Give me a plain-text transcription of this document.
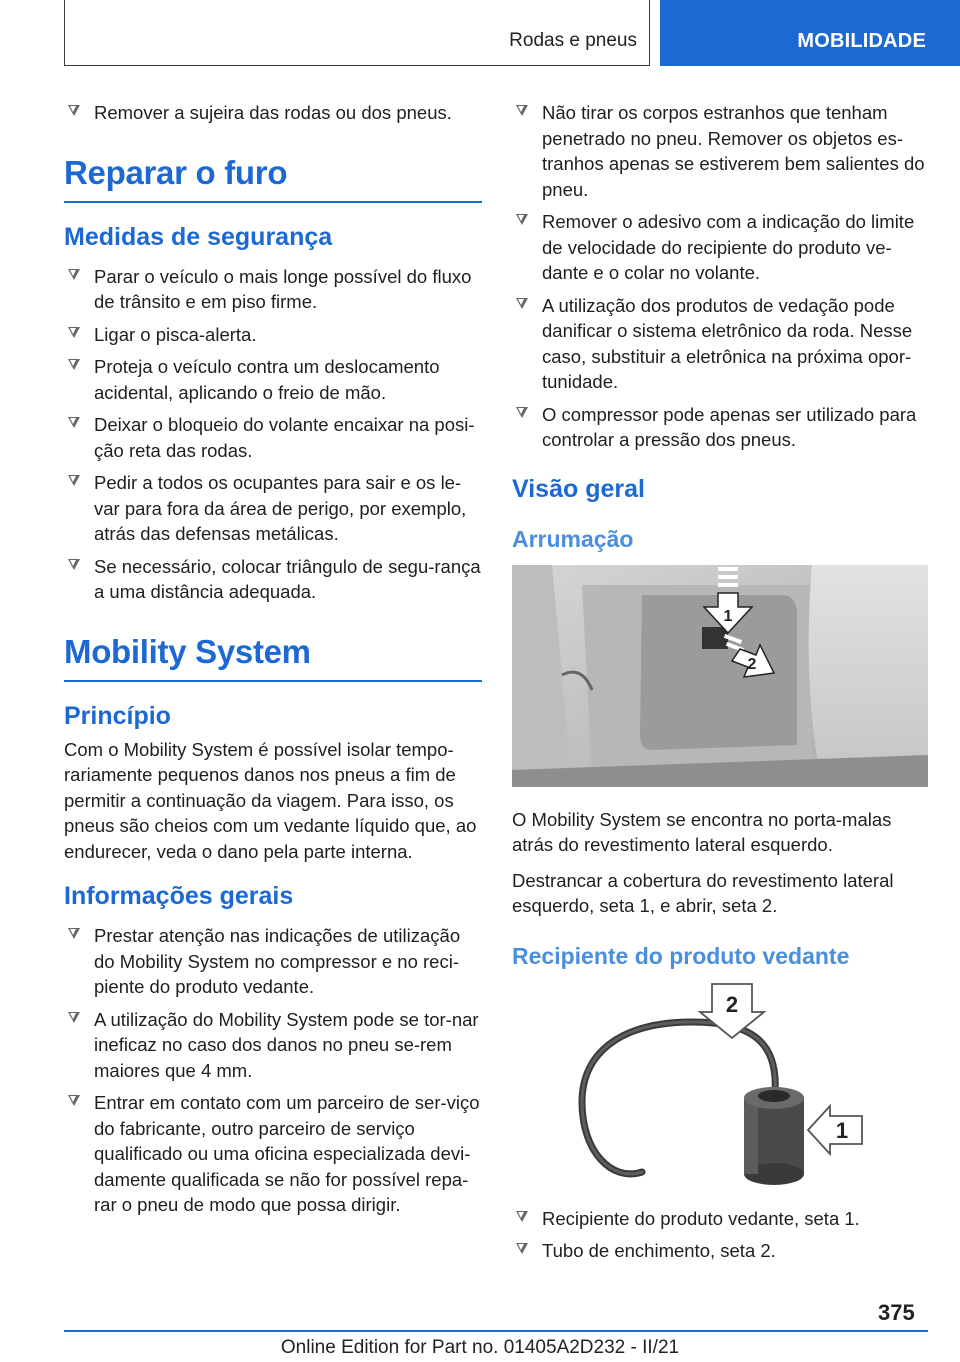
Rodas e pneus	MOBILIDADE
Remover a sujeira das rodas ou dos pneus.
Reparar o furo
Medidas de segurança
Parar o veículo o mais longe possível do fluxo de trânsito e em piso firme.
Ligar o pisca-alerta.
Proteja o veículo contra um deslocamento acidental, aplicando o freio de mão.
Deixar o bloqueio do volante encaixar na posi-ção reta das rodas.
Pedir a todos os ocupantes para sair e os le-var para fora da área de perigo, por exemplo, atrás das defensas metálicas.
Se necessário, colocar triângulo de segu-rança a uma distância adequada.
Mobility System
Princípio
Com o Mobility System é possível isolar tempo-rariamente pequenos danos nos pneus a fim de permitir a continuação da viagem. Para isso, os pneus são cheios com um vedante líquido que, ao endurecer, veda o dano pela parte interna.
Informações gerais
Prestar atenção nas indicações de utilização do Mobility System no compressor e no reci-piente do produto vedante.
A utilização do Mobility System pode se tor-nar ineficaz no caso dos danos no pneu se-rem maiores que 4 mm.
Entrar em contato com um parceiro de ser-viço do fabricante, outro parceiro de serviço qualificado ou uma oficina especializada devi-damente qualificada se não for possível repa-rar o pneu de modo que possa dirigir.
Não tirar os corpos estranhos que tenham penetrado no pneu. Remover os objetos es-tranhos apenas se estiverem bem salientes do pneu.
Remover o adesivo com a indicação do limite de velocidade do recipiente do produto ve-dante e o colar no volante.
A utilização dos produtos de vedação pode danificar o sistema eletrônico da roda. Nesse caso, substituir a eletrônica na próxima opor-tunidade.
O compressor pode apenas ser utilizado para controlar a pressão dos pneus.
Visão geral
Arrumação
1
2
O Mobility System se encontra no porta-malas atrás do revestimento lateral esquerdo.
Destrancar a cobertura do revestimento lateral esquerdo, seta 1, e abrir, seta 2.
Recipiente do produto vedante
2
1
Recipiente do produto vedante, seta 1.
Tubo de enchimento, seta 2.
375
Online Edition for Part no. 01405A2D232 - II/21
